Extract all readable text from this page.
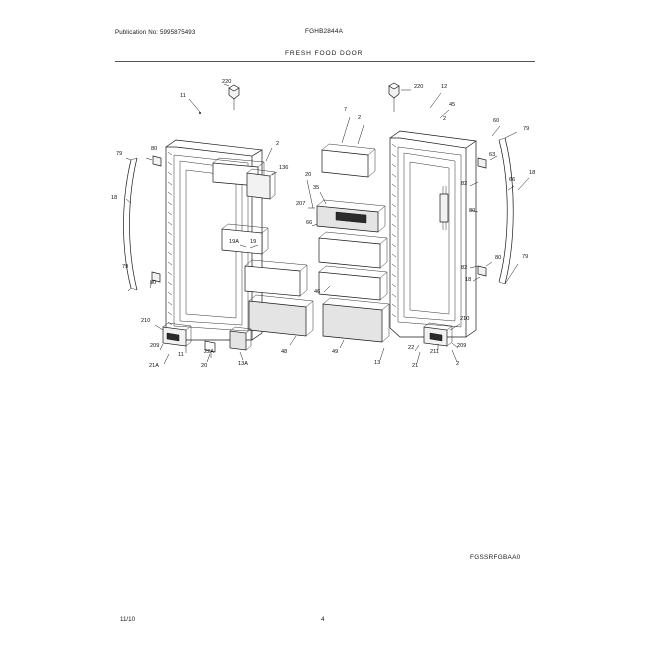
Publication No: 5995875493	FGHB2844A
FRESH FOOD DOOR
220
11
2
136
79
80
18
79
80
19A 19
210
209
21A
11	22A
20	13A
48
220	12
45
7
2	2	60
79
63
18
66
82
80
20
35
207
66
82
80	79
18
210
209
2
211
22
21
13
46
49
FGSSRFGBAA0
11/10	4
